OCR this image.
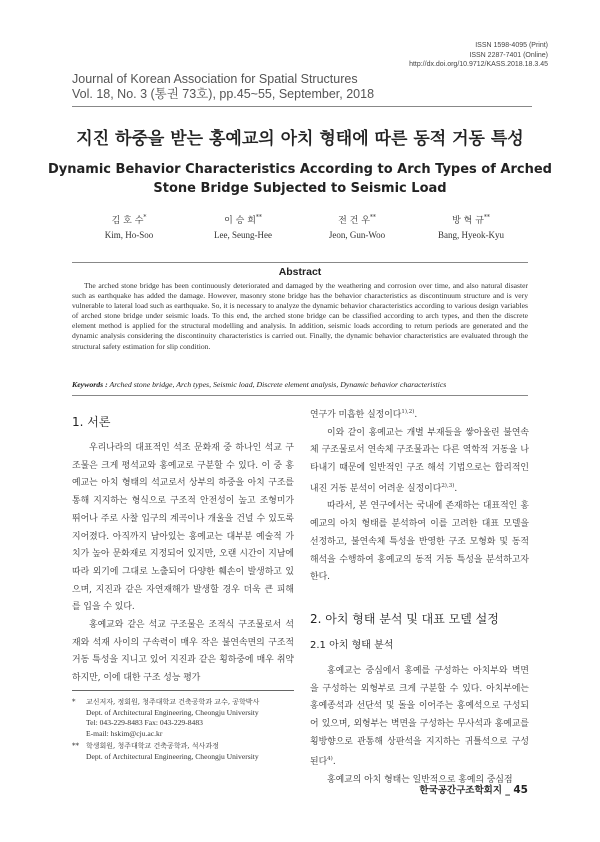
ISSN 1598-4095 (Print)
ISSN 2287-7401 (Online)
http://dx.doi.org/10.9712/KASS.2018.18.3.45
Journal of Korean Association for Spatial Structures
Vol. 18, No. 3 (통권 73호), pp.45~55, September, 2018
지진 하중을 받는 홍예교의 아치 형태에 따른 동적 거동 특성
Dynamic Behavior Characteristics According to Arch Types of Arched
Stone Bridge Subjected to Seismic Load
김 호 수*
Kim, Ho-Soo
이 승 희**
Lee, Seung-Hee
전 건 우**
Jeon, Gun-Woo
방 혁 규**
Bang, Hyeok-Kyu
Abstract
The arched stone bridge has been continuously deteriorated and damaged by the weathering and corrosion over time, and also natural disaster such as earthquake has added the damage. However, masonry stone bridge has the behavior characteristics as discontinuum structure and is very vulnerable to lateral load such as earthquake. So, it is necessary to analyze the dynamic behavior characteristics according to various design variables of arched stone bridge under seismic loads. To this end, the arched stone bridge can be classified according to arch types, and then the discrete element method is applied for the structural modelling and analysis. In addition, seismic loads according to return periods are generated and the dynamic analysis considering the discontinuity characteristics is carried out. Finally, the dynamic behavior characteristics are evaluated through the structural safety estimation for slip condition.
Keywords : Arched stone bridge, Arch types, Seismic load, Discrete element analysis, Dynamic behavior characteristics
1. 서론
우리나라의 대표적인 석조 문화재 중 하나인 석교 구조물은 크게 평석교와 홍예교로 구분할 수 있다. 이 중 홍예교는 아치 형태의 석교로서 상부의 하중을 아치 구조를 통해 지지하는 형식으로 구조적 안전성이 높고 조형미가 뛰어나 주로 사찰 입구의 계곡이나 개울을 건널 수 있도록 지어졌다. 아직까지 남아있는 홍예교는 대부분 예술적 가치가 높아 문화재로 지정되어 있지만, 오랜 시간이 지남에 따라 외기에 그대로 노출되어 다양한 훼손이 발생하고 있으며, 지진과 같은 자연재해가 발생할 경우 더욱 큰 피해를 입을 수 있다.
홍예교와 같은 석교 구조물은 조적식 구조물로서 석재와 석재 사이의 구속력이 매우 작은 불연속면의 구조적 거동 특성을 지니고 있어 지진과 같은 횡하중에 매우 취약하지만, 이에 대한 구조 성능 평가
*	교신저자, 정회원, 청주대학교 건축공학과 교수, 공학박사
Dept. of Architectural Engineering, Cheongju University
Tel: 043-229-8483 Fax: 043-229-8483
E-mail: hskim@cju.ac.kr
**	학생회원, 청주대학교 건축공학과, 석사과정
Dept. of Architectural Engineering, Cheongju University
연구가 미흡한 실정이다$^{1),2)}$.
이와 같이 홍예교는 개별 부재들을 쌓아올린 불연속체 구조물로서 연속체 구조물과는 다른 역학적 거동을 나타내기 때문에 일반적인 구조 해석 기법으로는 합리적인 내진 거동 분석이 어려운 실정이다$^{2),3)}$.
따라서, 본 연구에서는 국내에 존재하는 대표적인 홍예교의 아치 형태를 분석하여 이를 고려한 대표 모델을 선정하고, 불연속체 특성을 반영한 구조 모형화 및 동적 해석을 수행하여 홍예교의 동적 거동 특성을 분석하고자 한다.
2. 아치 형태 분석 및 대표 모델 설정
2.1 아치 형태 분석
홍예교는 중심에서 홍예를 구성하는 아치부와 벽면을 구성하는 외형부로 크게 구분할 수 있다. 아치부에는 홍예종석과 선단석 및 돌을 이어주는 홍예석으로 구성되어 있으며, 외형부는 벽면을 구성하는 무사석과 홍예교를 횡방향으로 관통해 상판석을 지지하는 귀틀석으로 구성된다$^{4)}$.
홍예교의 아치 형태는 일반적으로 홍예의 중심점
한국공간구조학회지 _ 45
